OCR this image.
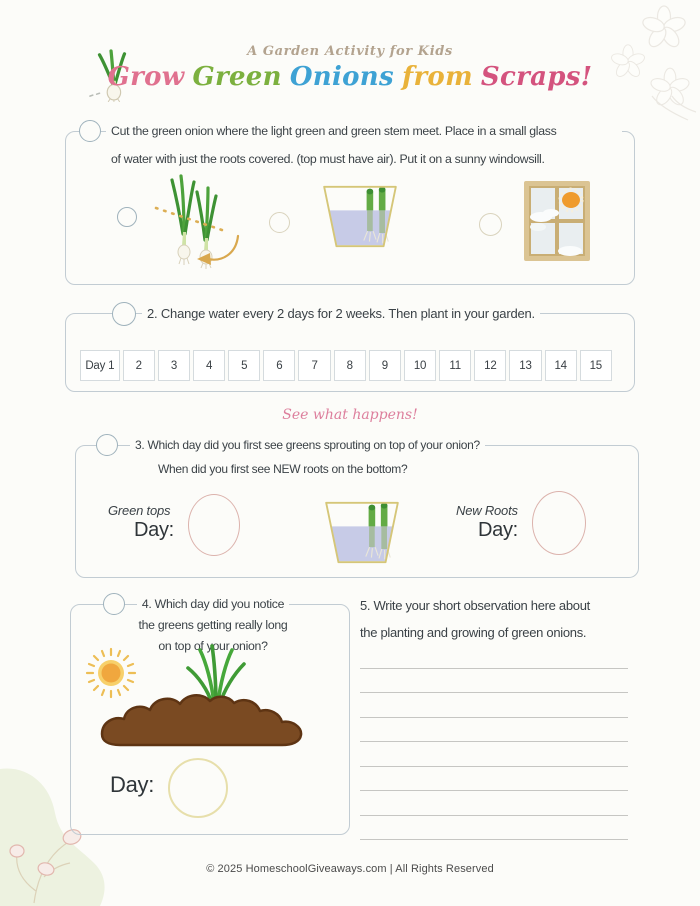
A Garden Activity for Kids
Grow Green Onions from Scraps!
Cut the green onion where the light green and green stem meet. Place in a small glass
of water with just the roots covered. (top must have air). Put it on a sunny windowsill.
2. Change water every 2 days for 2 weeks. Then plant in your garden.
Day 1	2	3	4	5	6	7	8	9	10	11	12	13	14	15
See what happens!
3. Which day did you first see greens sprouting on top of your onion?
When did you first see NEW roots on the bottom?
Green tops
Day:
New Roots
Day:
4. Which day did you notice
the greens getting really long
on top of your onion?
Day:
5. Write your short observation here about
the planting and growing of green onions.
© 2025 HomeschoolGiveaways.com | All Rights Reserved
